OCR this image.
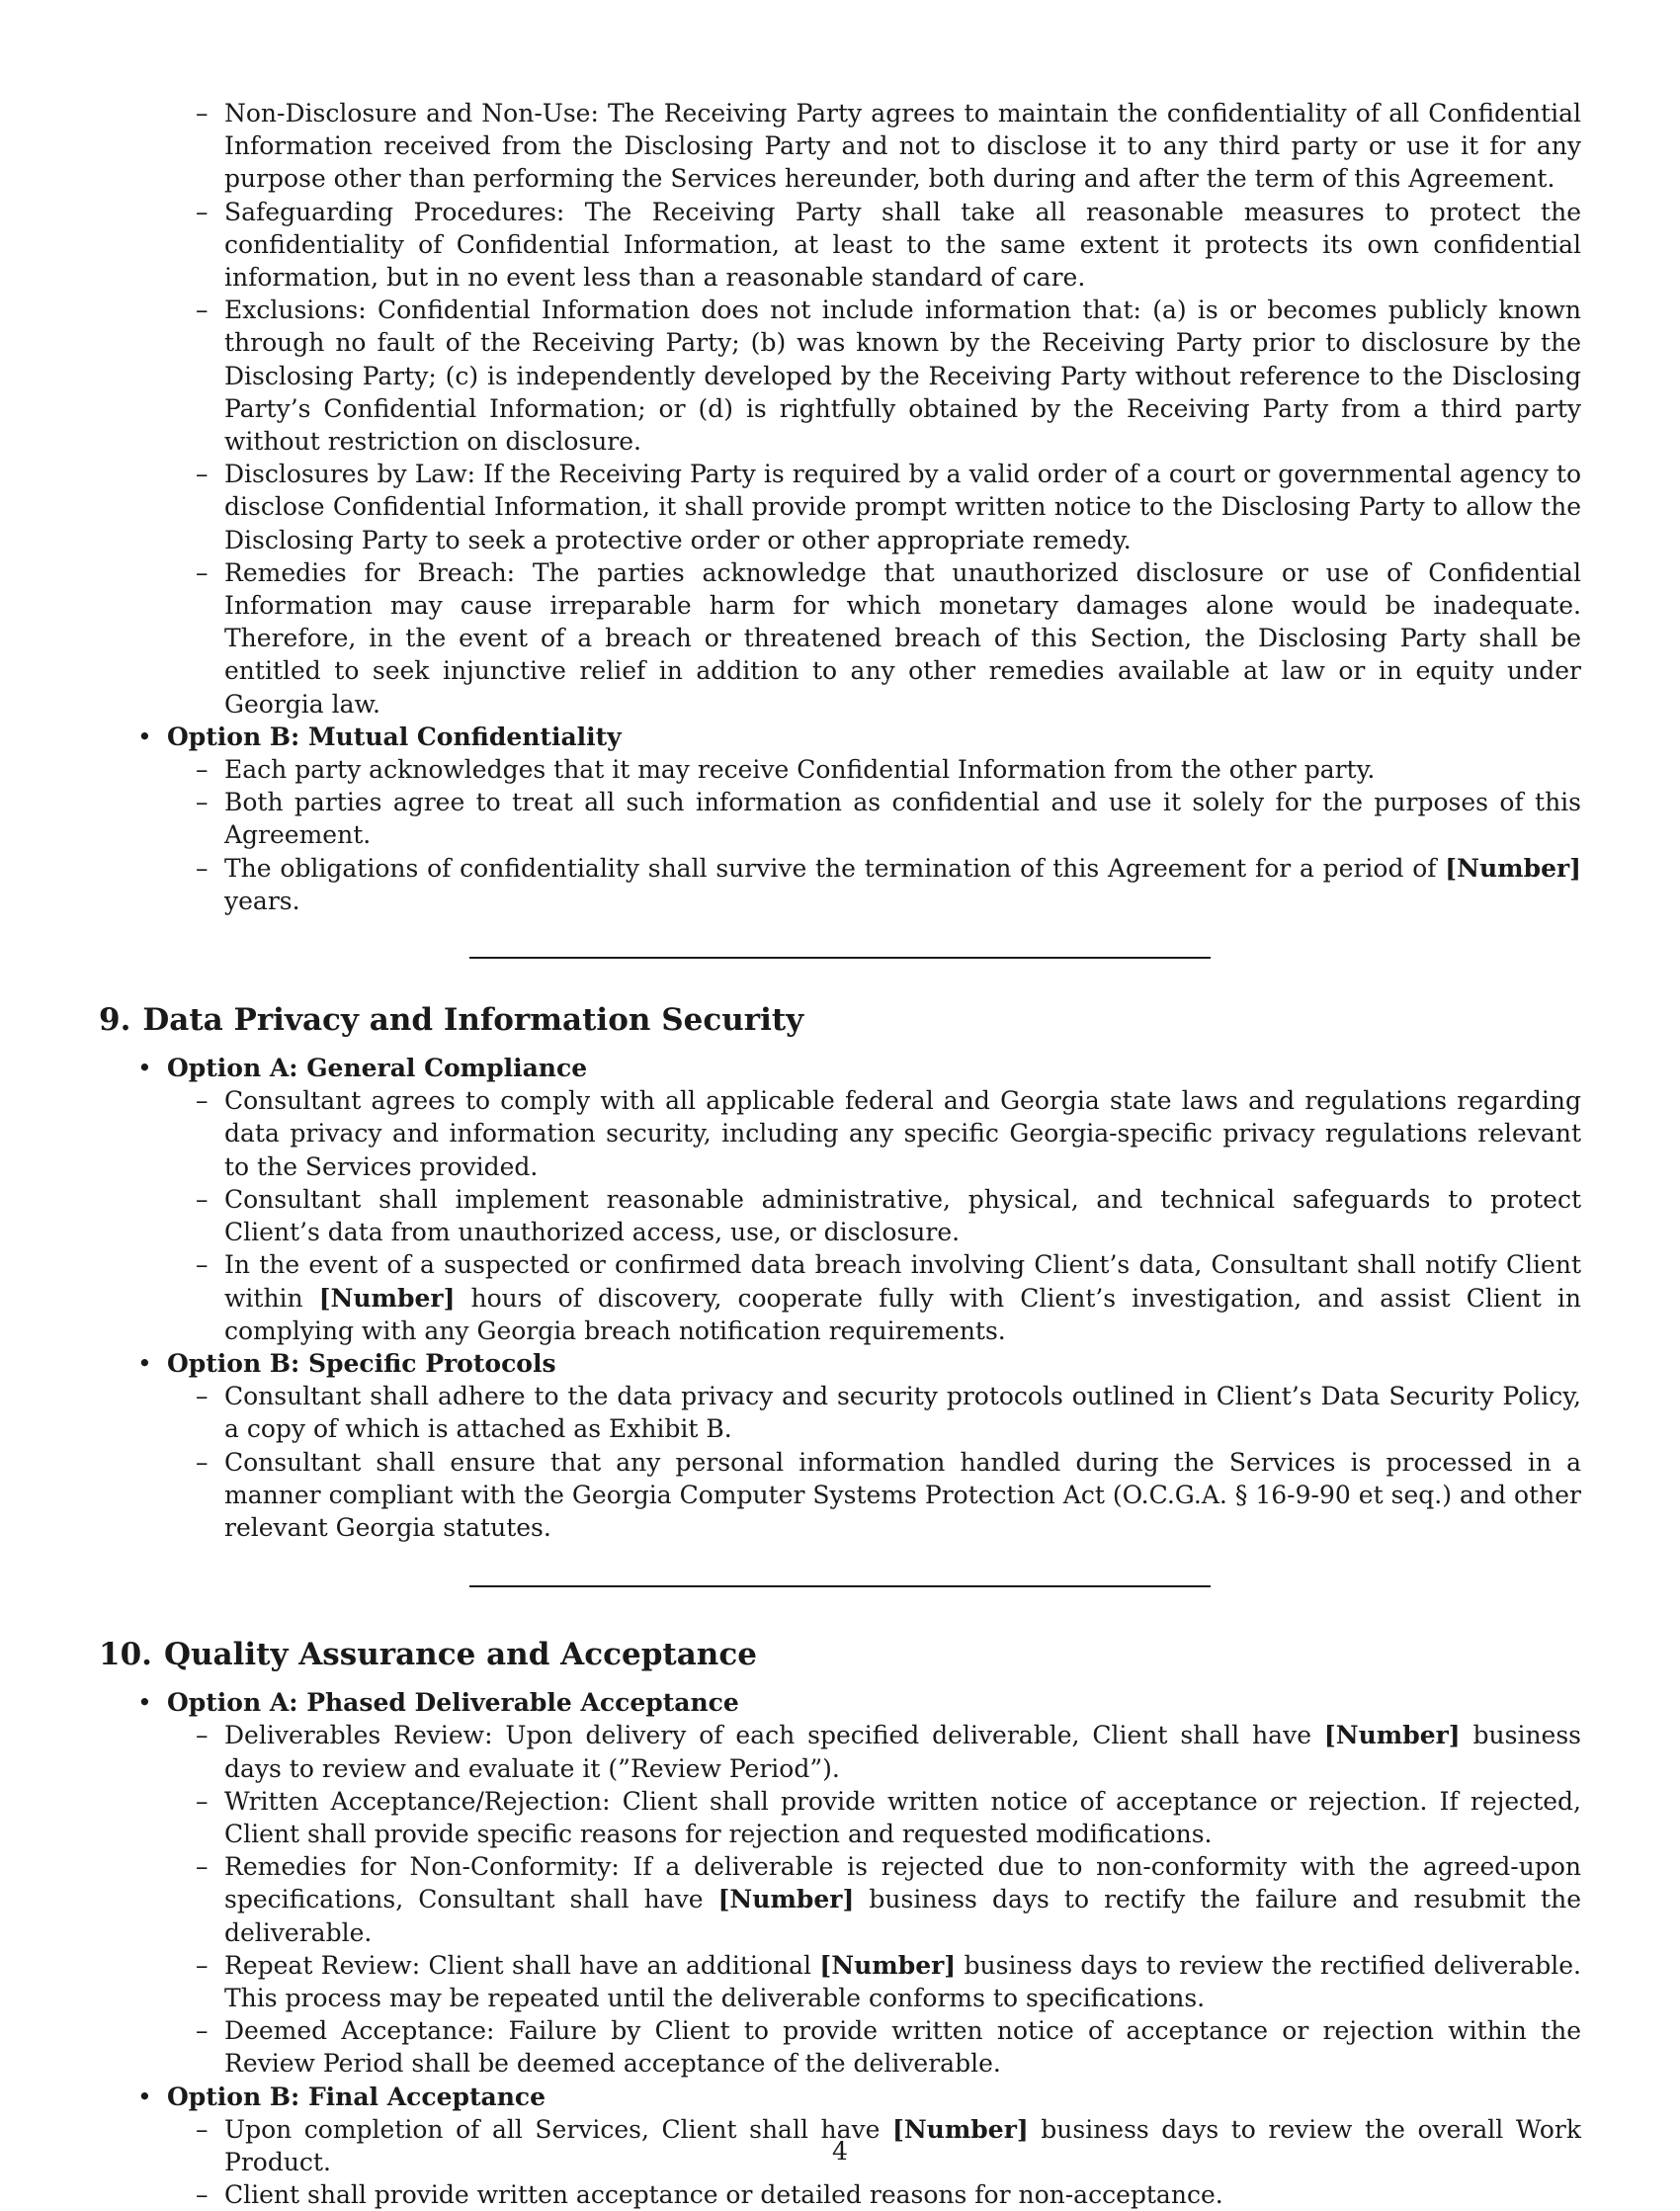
– Non-Disclosure and Non-Use: The Receiving Party agrees to maintain the confidentiality of all Confidential Information received from the Disclosing Party and not to disclose it to any third party or use it for any purpose other than performing the Services hereunder, both during and after the term of this Agreement.
– Safeguarding Procedures: The Receiving Party shall take all reasonable measures to protect the confidentiality of Confidential Information, at least to the same extent it protects its own confidential information, but in no event less than a reasonable standard of care.
– Exclusions: Confidential Information does not include information that: (a) is or becomes publicly known through no fault of the Receiving Party; (b) was known by the Receiving Party prior to disclosure by the Disclosing Party; (c) is independently developed by the Receiving Party without reference to the Disclosing Party’s Confidential Information; or (d) is rightfully obtained by the Receiving Party from a third party without restriction on disclosure.
– Disclosures by Law: If the Receiving Party is required by a valid order of a court or governmental agency to disclose Confidential Information, it shall provide prompt written notice to the Disclosing Party to allow the Disclosing Party to seek a protective order or other appropriate remedy.
– Remedies for Breach: The parties acknowledge that unauthorized disclosure or use of Confidential Information may cause irreparable harm for which monetary damages alone would be inadequate. Therefore, in the event of a breach or threatened breach of this Section, the Disclosing Party shall be entitled to seek injunctive relief in addition to any other remedies available at law or in equity under Georgia law.
• Option B: Mutual Confidentiality
– Each party acknowledges that it may receive Confidential Information from the other party.
– Both parties agree to treat all such information as confidential and use it solely for the purposes of this Agreement.
– The obligations of confidentiality shall survive the termination of this Agreement for a period of [Number] years.
9. Data Privacy and Information Security
• Option A: General Compliance
– Consultant agrees to comply with all applicable federal and Georgia state laws and regulations regarding data privacy and information security, including any specific Georgia-specific privacy regulations relevant to the Services provided.
– Consultant shall implement reasonable administrative, physical, and technical safeguards to protect Client’s data from unauthorized access, use, or disclosure.
– In the event of a suspected or confirmed data breach involving Client’s data, Consultant shall notify Client within [Number] hours of discovery, cooperate fully with Client’s investigation, and assist Client in complying with any Georgia breach notification requirements.
• Option B: Specific Protocols
– Consultant shall adhere to the data privacy and security protocols outlined in Client’s Data Security Policy, a copy of which is attached as Exhibit B.
– Consultant shall ensure that any personal information handled during the Services is processed in a manner compliant with the Georgia Computer Systems Protection Act (O.C.G.A. § 16-9-90 et seq.) and other relevant Georgia statutes.
10. Quality Assurance and Acceptance
• Option A: Phased Deliverable Acceptance
– Deliverables Review: Upon delivery of each specified deliverable, Client shall have [Number] business days to review and evaluate it (”Review Period”).
– Written Acceptance/Rejection: Client shall provide written notice of acceptance or rejection. If rejected, Client shall provide specific reasons for rejection and requested modifications.
– Remedies for Non-Conformity: If a deliverable is rejected due to non-conformity with the agreed-upon specifications, Consultant shall have [Number] business days to rectify the failure and resubmit the deliverable.
– Repeat Review: Client shall have an additional [Number] business days to review the rectified deliverable. This process may be repeated until the deliverable conforms to specifications.
– Deemed Acceptance: Failure by Client to provide written notice of acceptance or rejection within the Review Period shall be deemed acceptance of the deliverable.
• Option B: Final Acceptance
– Upon completion of all Services, Client shall have [Number] business days to review the overall Work Product.
– Client shall provide written acceptance or detailed reasons for non-acceptance.
4
